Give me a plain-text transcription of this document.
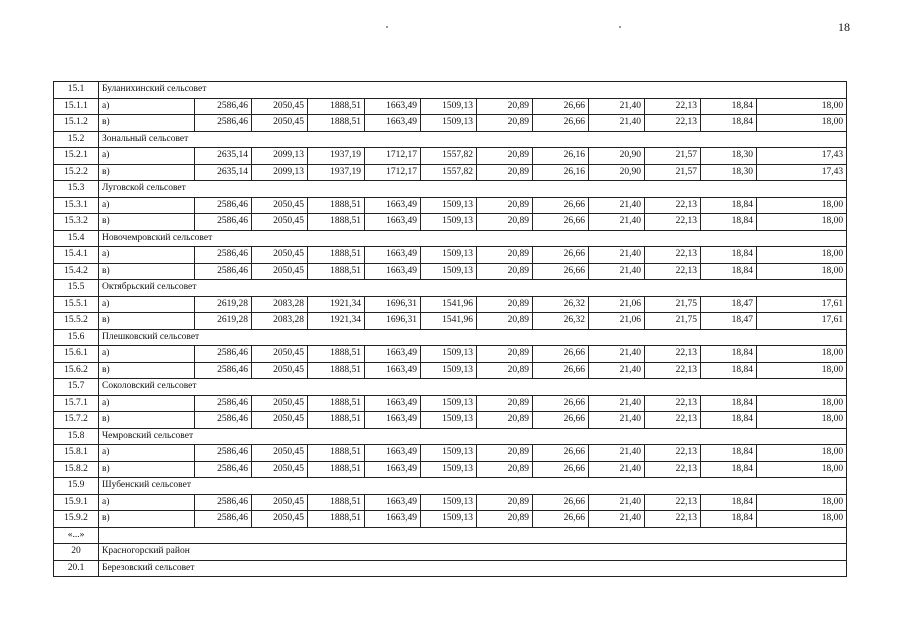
18
15.1	Буланихинский сельсовет											
15.1.1	а)	2586,46	2050,45	1888,51	1663,49	1509,13	20,89	26,66	21,40	22,13	18,84	18,00
15.1.2	в)	2586,46	2050,45	1888,51	1663,49	1509,13	20,89	26,66	21,40	22,13	18,84	18,00
15.2	Зональный сельсовет											
15.2.1	а)	2635,14	2099,13	1937,19	1712,17	1557,82	20,89	26,16	20,90	21,57	18,30	17,43
15.2.2	в)	2635,14	2099,13	1937,19	1712,17	1557,82	20,89	26,16	20,90	21,57	18,30	17,43
15.3	Луговской сельсовет											
15.3.1	а)	2586,46	2050,45	1888,51	1663,49	1509,13	20,89	26,66	21,40	22,13	18,84	18,00
15.3.2	в)	2586,46	2050,45	1888,51	1663,49	1509,13	20,89	26,66	21,40	22,13	18,84	18,00
15.4	Новочемровский сельсовет											
15.4.1	а)	2586,46	2050,45	1888,51	1663,49	1509,13	20,89	26,66	21,40	22,13	18,84	18,00
15.4.2	в)	2586,46	2050,45	1888,51	1663,49	1509,13	20,89	26,66	21,40	22,13	18,84	18,00
15.5	Октябрьский сельсовет											
15.5.1	а)	2619,28	2083,28	1921,34	1696,31	1541,96	20,89	26,32	21,06	21,75	18,47	17,61
15.5.2	в)	2619,28	2083,28	1921,34	1696,31	1541,96	20,89	26,32	21,06	21,75	18,47	17,61
15.6	Плешковский сельсовет											
15.6.1	а)	2586,46	2050,45	1888,51	1663,49	1509,13	20,89	26,66	21,40	22,13	18,84	18,00
15.6.2	в)	2586,46	2050,45	1888,51	1663,49	1509,13	20,89	26,66	21,40	22,13	18,84	18,00
15.7	Соколовский сельсовет											
15.7.1	а)	2586,46	2050,45	1888,51	1663,49	1509,13	20,89	26,66	21,40	22,13	18,84	18,00
15.7.2	в)	2586,46	2050,45	1888,51	1663,49	1509,13	20,89	26,66	21,40	22,13	18,84	18,00
15.8	Чемровский сельсовет											
15.8.1	а)	2586,46	2050,45	1888,51	1663,49	1509,13	20,89	26,66	21,40	22,13	18,84	18,00
15.8.2	в)	2586,46	2050,45	1888,51	1663,49	1509,13	20,89	26,66	21,40	22,13	18,84	18,00
15.9	Шубенский сельсовет											
15.9.1	а)	2586,46	2050,45	1888,51	1663,49	1509,13	20,89	26,66	21,40	22,13	18,84	18,00
15.9.2	в)	2586,46	2050,45	1888,51	1663,49	1509,13	20,89	26,66	21,40	22,13	18,84	18,00
«...»												
20	Красногорский район											
20.1	Березовский сельсовет											
